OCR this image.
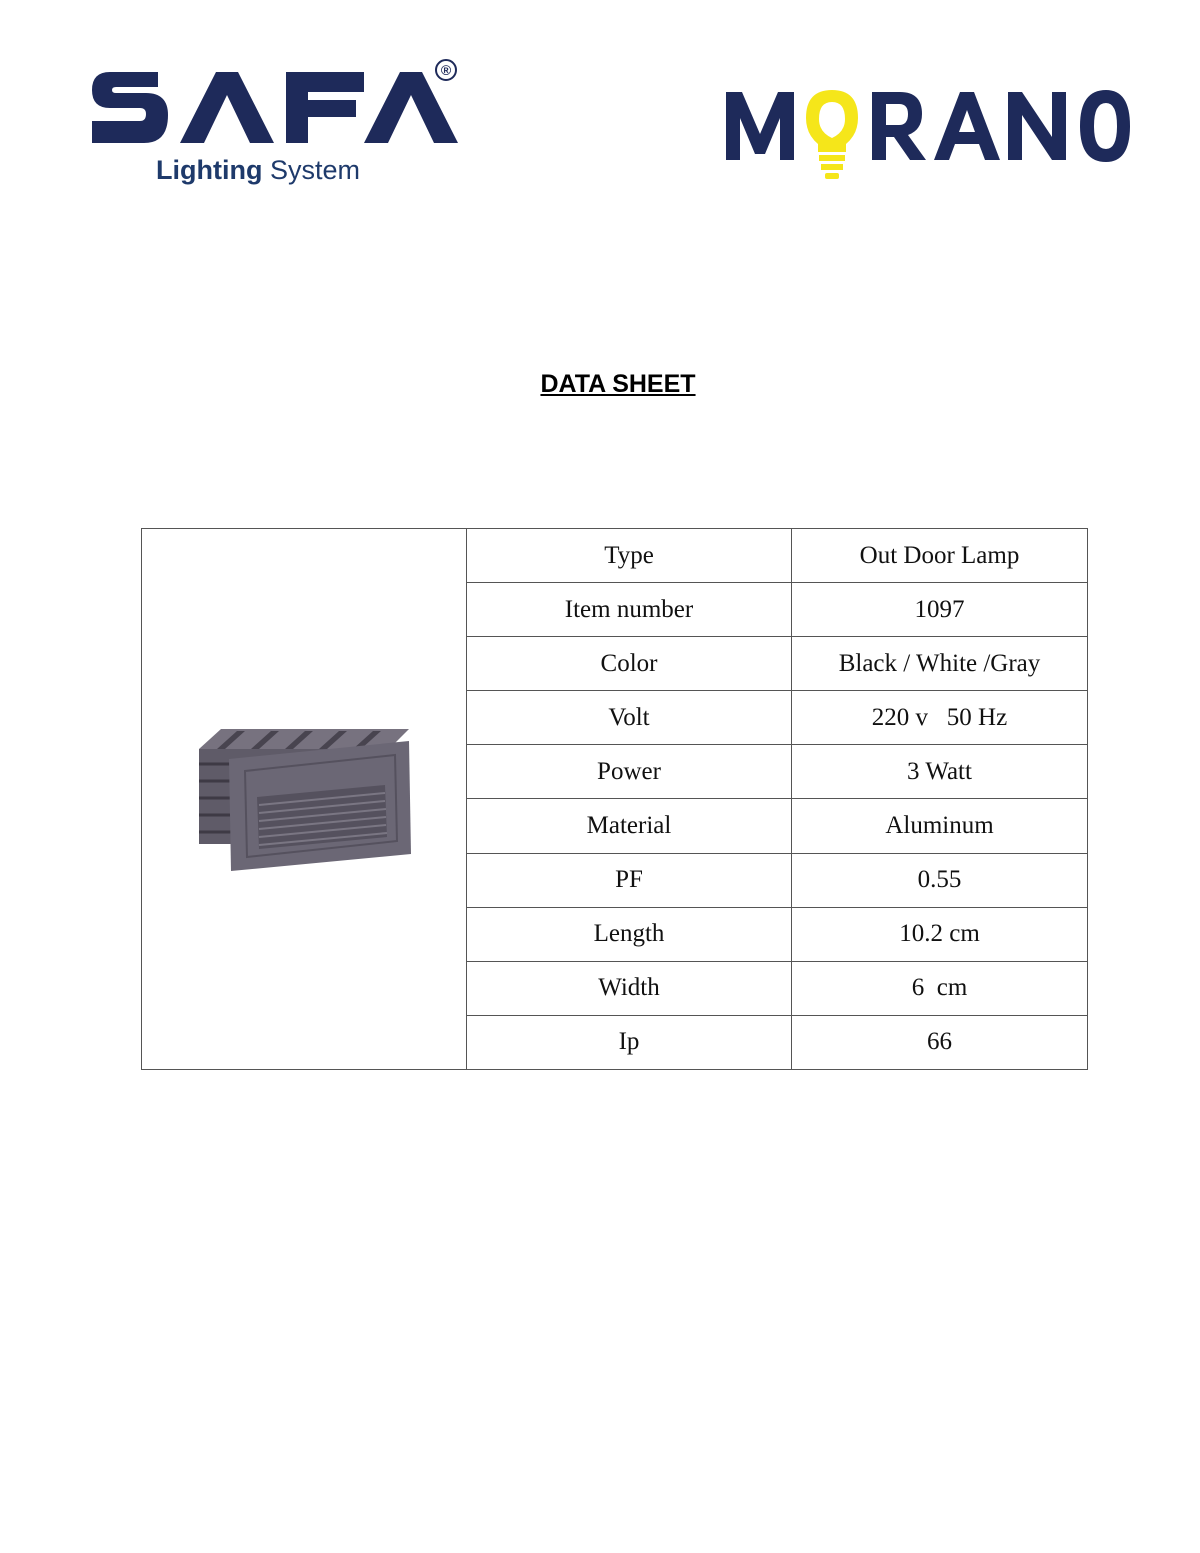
®
Lighting System
DATA SHEET

	Type	Out Door Lamp
	Item number	1097
	Color	Black / White /Gray
	Volt	220 v   50 Hz
	Power	3 Watt
	Material	Aluminum
	PF	0.55
	Length	10.2 cm
	Width	6  cm
	Ip	66
